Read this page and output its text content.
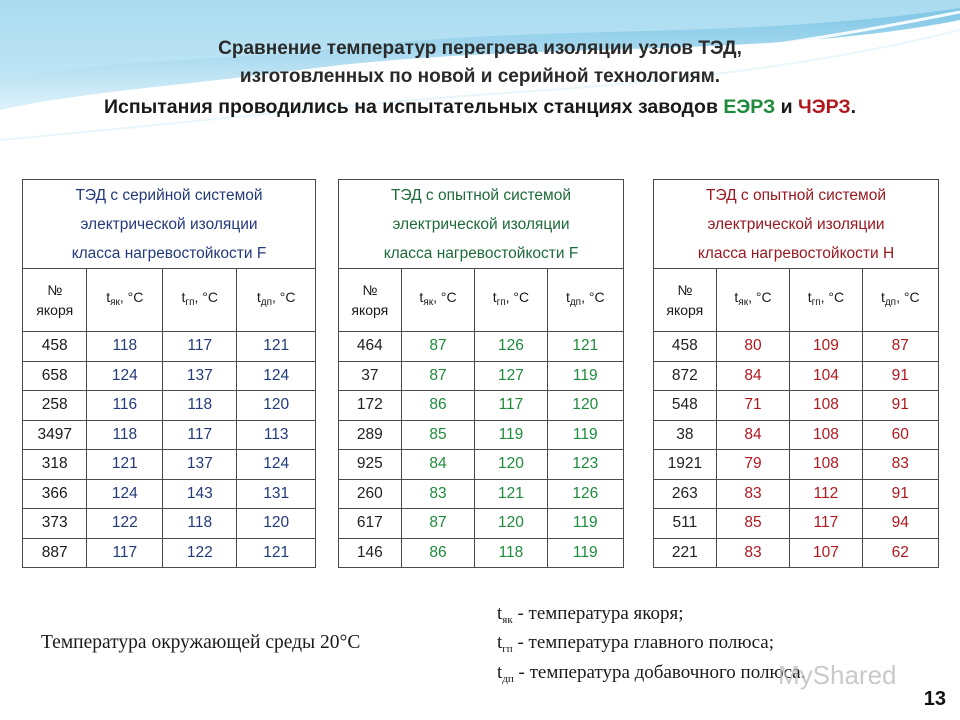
Сравнение температур перегрева изоляции узлов ТЭД,
изготовленных по новой и серийной технологиям.
Испытания проводились на испытательных станциях заводов ЕЭРЗ и ЧЭРЗ.
ТЭД с серийной системой
электрической изоляции
класса нагревостойкости F			

№
якоря	$t_{як}$, °C	$t_{гп}$, °C	$t_{дп}$, °C
458	118	117	121
658	124	137	124
258	116	118	120
3497	118	117	113
318	121	137	124
366	124	143	131
373	122	118	120
887	117	122	121
ТЭД с опытной системой
электрической изоляции
класса нагревостойкости F			

№
якоря	$t_{як}$, °C	$t_{гп}$, °C	$t_{дп}$, °C
464	87	126	121
37	87	127	119
172	86	117	120
289	85	119	119
925	84	120	123
260	83	121	126
617	87	120	119
146	86	118	119
ТЭД с опытной системой
электрической изоляции
класса нагревостойкости Н			

№
якоря	$t_{як}$, °C	$t_{гп}$, °C	$t_{дп}$, °C
458	80	109	87
872	84	104	91
548	71	108	91
38	84	108	60
1921	79	108	83
263	83	112	91
511	85	117	94
221	83	107	62
Температура окружающей среды 20°С
$t_{як}$ - температура якоря;
$t_{гп}$ - температура главного полюса;
$t_{дп}$ - температура добавочного полюса.
MyShared
13
